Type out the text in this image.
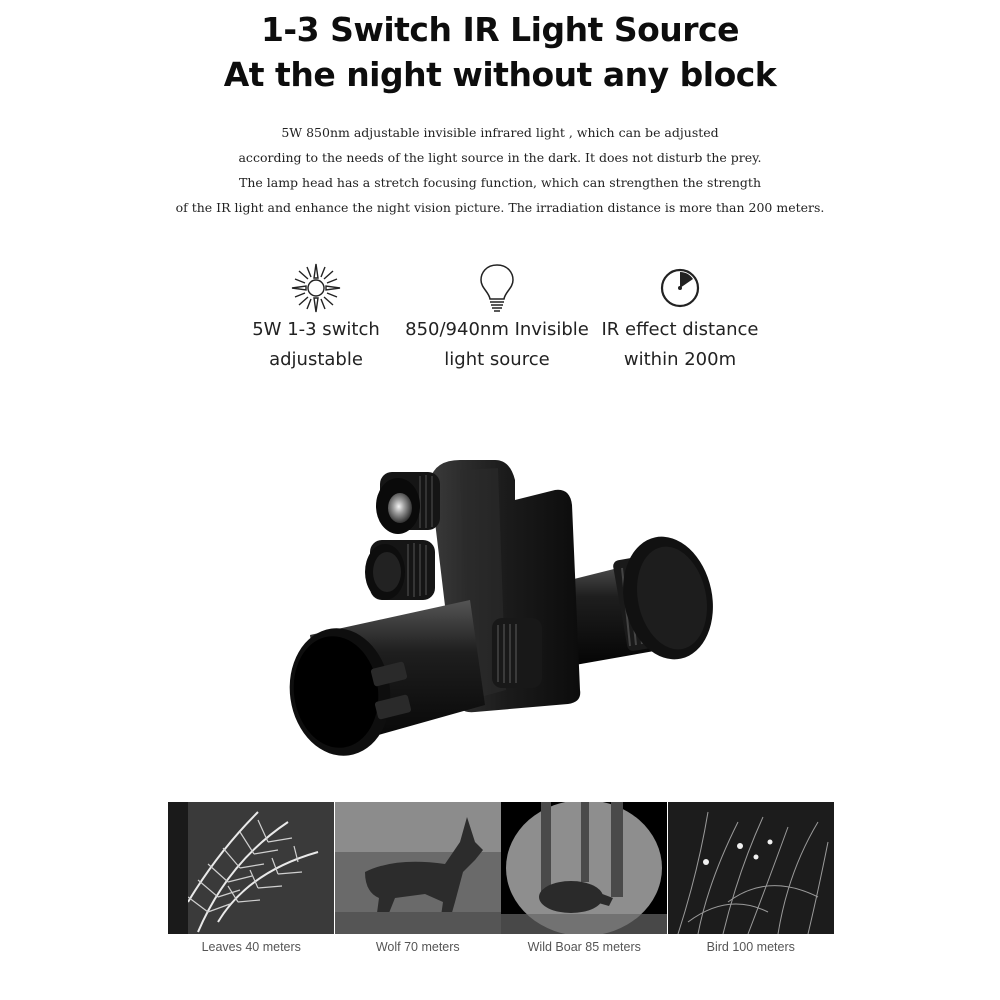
1-3 Switch IR Light Source
At the night without any block
5W 850nm adjustable invisible infrared light , which can be adjusted
according to the needs of the light source in the dark. It does not disturb the prey.
The lamp head has a stretch focusing function, which can strengthen the strength
of the IR light and enhance the night vision picture. The irradiation distance is more than 200 meters.
5W 1-3 switch
adjustable
850/940nm Invisible
light source
IR effect distance
within 200m
Leaves 40 meters	Wolf 70 meters	Wild Boar 85 meters	Bird 100 meters
